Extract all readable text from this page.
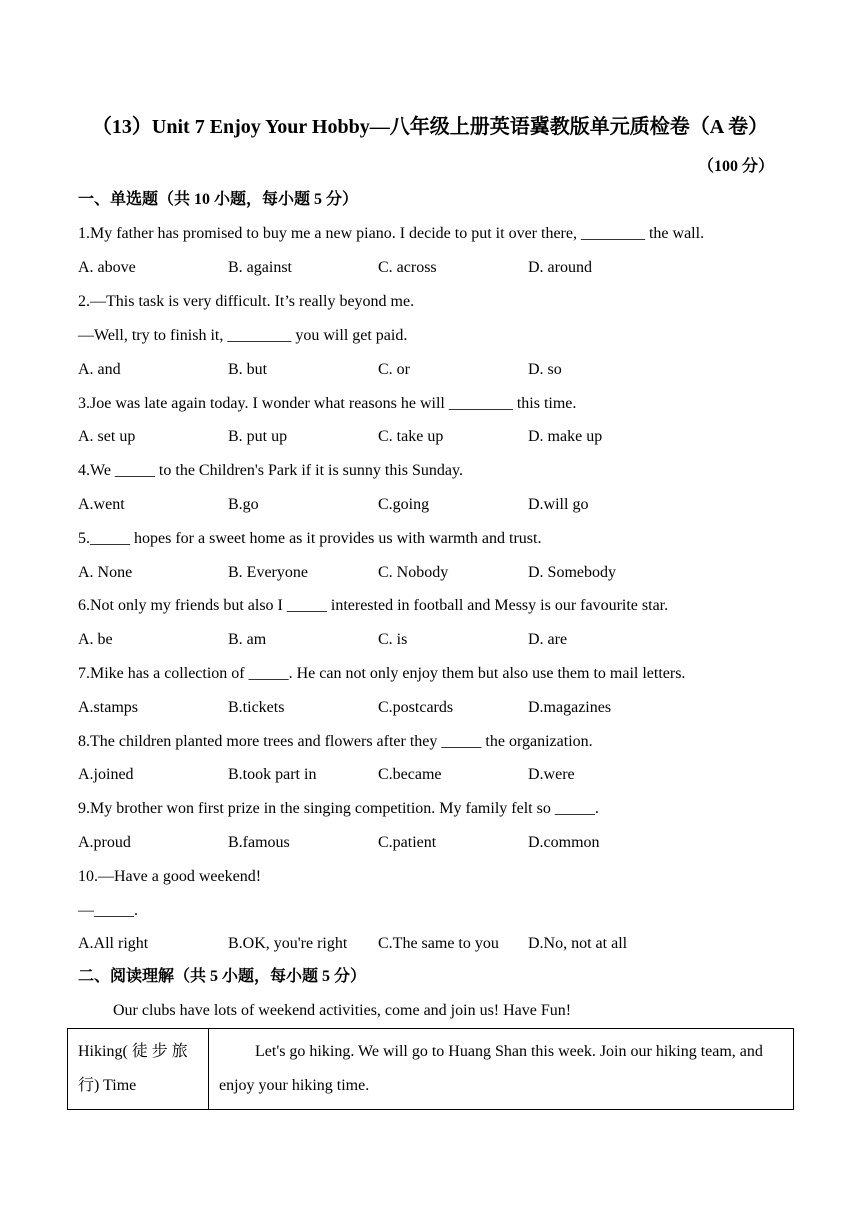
（13）Unit 7 Enjoy Your Hobby—八年级上册英语冀教版单元质检卷（A 卷）
（100 分）
一、单选题（共 10 小题，每小题 5 分）
1.My father has promised to buy me a new piano. I decide to put it over there, ________ the wall.
A. above	B. against	C. across	D. around
2.—This task is very difficult. It’s really beyond me.
—Well, try to finish it, ________ you will get paid.
A. and	B. but	C. or	D. so
3.Joe was late again today. I wonder what reasons he will ________ this time.
A. set up	B. put up	C. take up	D. make up
4.We _____ to the Children's Park if it is sunny this Sunday.
A.went	B.go	C.going	D.will go
5._____ hopes for a sweet home as it provides us with warmth and trust.
A. None	B. Everyone	C. Nobody	D. Somebody
6.Not only my friends but also I _____ interested in football and Messy is our favourite star.
A. be	B. am	C. is	D. are
7.Mike has a collection of _____. He can not only enjoy them but also use them to mail letters.
A.stamps	B.tickets	C.postcards	D.magazines
8.The children planted more trees and flowers after they _____ the organization.
A.joined	B.took part in	C.became	D.were
9.My brother won first prize in the singing competition. My family felt so _____.
A.proud	B.famous	C.patient	D.common
10.—Have a good weekend!
—_____.
A.All right	B.OK, you're right C.The same to you D.No, not at all
二、阅读理解（共 5 小题，每小题 5 分）
Our clubs have lots of weekend activities, come and join us! Have Fun!
Hiking( 徒 步 旅 行) Time	Let's go hiking. We will go to Huang Shan this week. Join our hiking team, and enjoy your hiking time.
